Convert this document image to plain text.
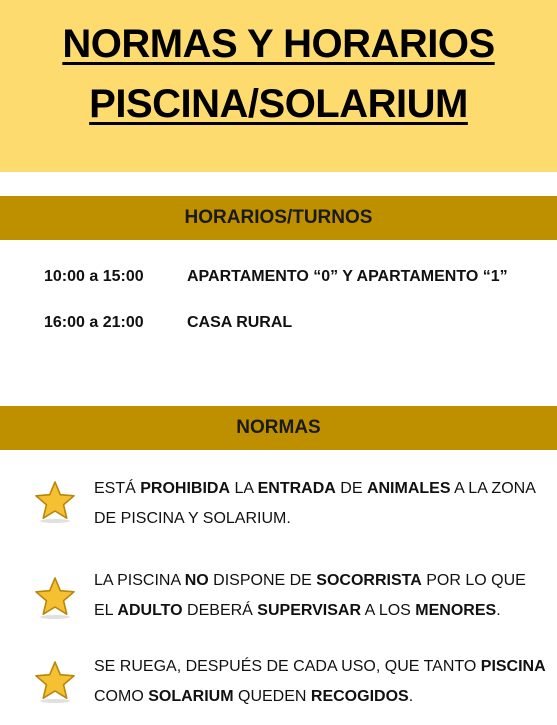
NORMAS Y HORARIOS
PISCINA/SOLARIUM
HORARIOS/TURNOS
10:00 a 15:00	APARTAMENTO “0” Y APARTAMENTO “1”
16:00 a 21:00	CASA RURAL
NORMAS
ESTÁ PROHIBIDA LA ENTRADA DE ANIMALES A LA ZONA DE PISCINA Y SOLARIUM.
LA PISCINA NO DISPONE DE SOCORRISTA POR LO QUE EL ADULTO DEBERÁ SUPERVISAR A LOS MENORES.
SE RUEGA, DESPUÉS DE CADA USO, QUE TANTO PISCINA COMO SOLARIUM QUEDEN RECOGIDOS.
